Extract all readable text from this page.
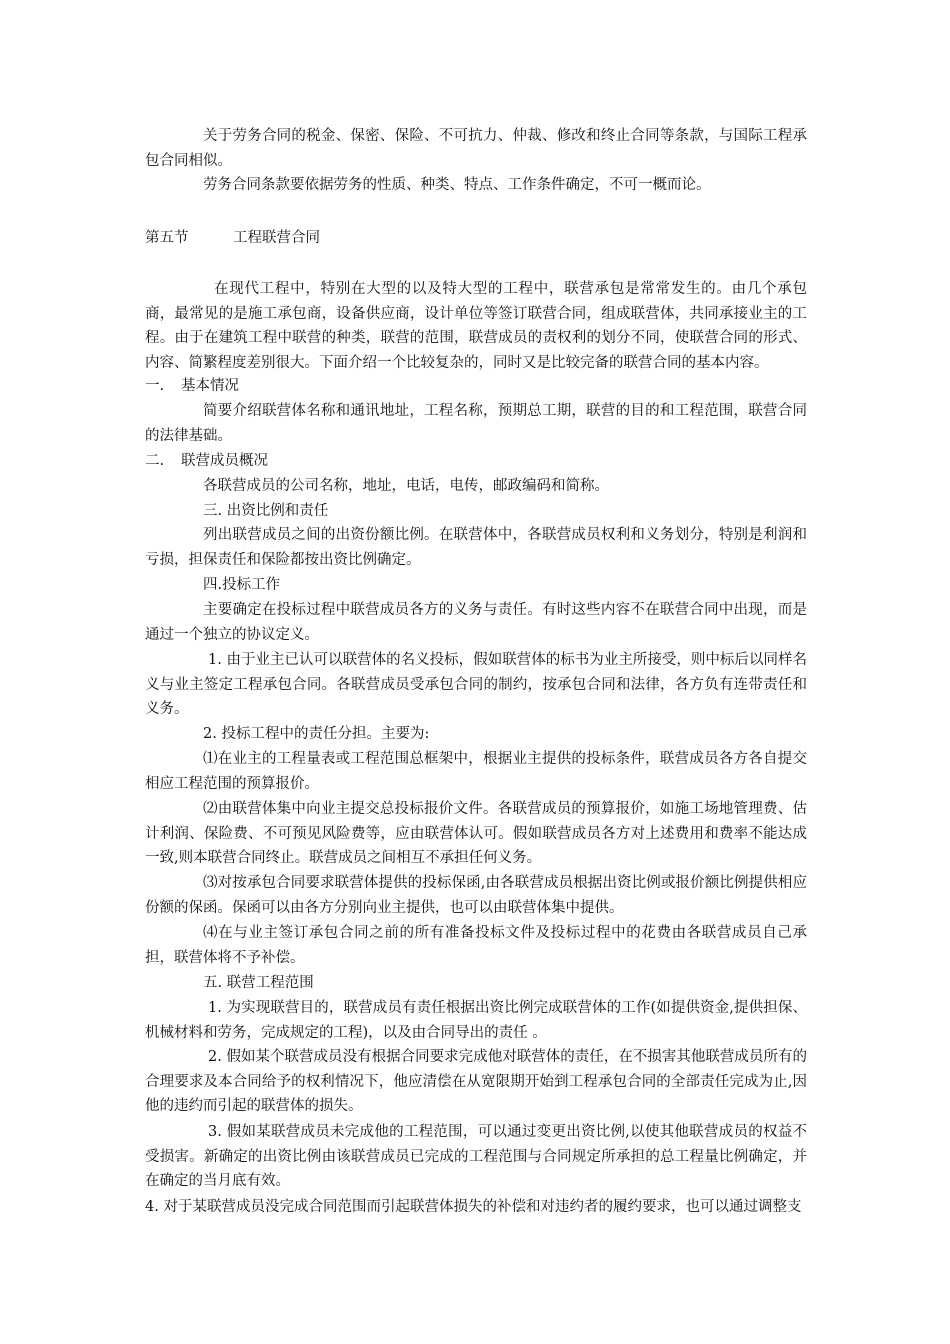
关于劳务合同的税金、保密、保险、不可抗力、仲裁、修改和终止合同等条款，与国际工程承包合同相似。

劳务合同条款要依据劳务的性质、种类、特点、工作条件确定，不可一概而论。

第五节	工程联营合同

在现代工程中，特别在大型的以及特大型的工程中，联营承包是常常发生的。由几个承包商，最常见的是施工承包商，设备供应商，设计单位等签订联营合同，组成联营体，共同承接业主的工程。由于在建筑工程中联营的种类，联营的范围，联营成员的责权利的划分不同，使联营合同的形式、内容、简繁程度差别很大。下面介绍一个比较复杂的，同时又是比较完备的联营合同的基本内容。

一. 基本情况

简要介绍联营体名称和通讯地址，工程名称，预期总工期，联营的目的和工程范围，联营合同的法律基础。

二. 联营成员概况

各联营成员的公司名称，地址，电话，电传，邮政编码和简称。

三. 出资比例和责任

列出联营成员之间的出资份额比例。在联营体中，各联营成员权利和义务划分，特别是利润和亏损，担保责任和保险都按出资比例确定。

四.投标工作

主要确定在投标过程中联营成员各方的义务与责任。有时这些内容不在联营合同中出现，而是通过一个独立的协议定义。

1. 由于业主已认可以联营体的名义投标，假如联营体的标书为业主所接受，则中标后以同样名义与业主签定工程承包合同。各联营成员受承包合同的制约，按承包合同和法律，各方负有连带责任和义务。

2. 投标工程中的责任分担。主要为:

⑴在业主的工程量表或工程范围总框架中，根据业主提供的投标条件，联营成员各方各自提交相应工程范围的预算报价。

⑵由联营体集中向业主提交总投标报价文件。各联营成员的预算报价，如施工场地管理费、估计利润、保险费、不可预见风险费等，应由联营体认可。假如联营成员各方对上述费用和费率不能达成一致,则本联营合同终止。联营成员之间相互不承担任何义务。

⑶对按承包合同要求联营体提供的投标保函,由各联营成员根据出资比例或报价额比例提供相应份额的保函。保函可以由各方分别向业主提供，也可以由联营体集中提供。

⑷在与业主签订承包合同之前的所有准备投标文件及投标过程中的花费由各联营成员自己承担，联营体将不予补偿。

五. 联营工程范围

1. 为实现联营目的，联营成员有责任根据出资比例完成联营体的工作(如提供资金,提供担保、机械材料和劳务，完成规定的工程)，以及由合同导出的责任 。

2. 假如某个联营成员没有根据合同要求完成他对联营体的责任，在不损害其他联营成员所有的合理要求及本合同给予的权利情况下，他应清偿在从宽限期开始到工程承包合同的全部责任完成为止,因他的违约而引起的联营体的损失。

3. 假如某联营成员未完成他的工程范围，可以通过变更出资比例,以使其他联营成员的权益不受损害。新确定的出资比例由该联营成员已完成的工程范围与合同规定所承担的总工程量比例确定，并在确定的当月底有效。

4. 对于某联营成员没完成合同范围而引起联营体损失的补偿和对违约者的履约要求，也可以通过调整支
